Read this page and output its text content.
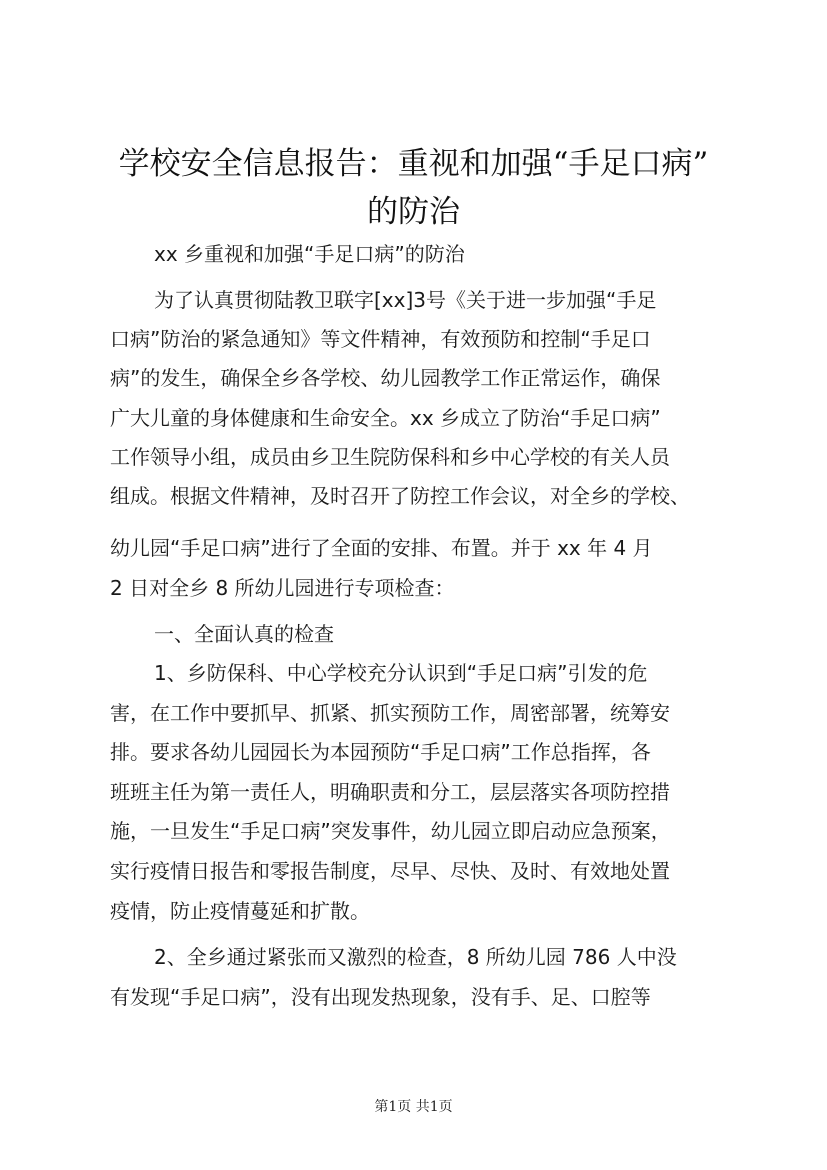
学校安全信息报告：重视和加强“手足口病”
的防治

xx 乡重视和加强“手足口病”的防治

为了认真贯彻陆教卫联字[xx]3号《关于进一步加强“手足

口病”防治的紧急通知》等文件精神，有效预防和控制“手足口

病”的发生，确保全乡各学校、幼儿园教学工作正常运作，确保

广大儿童的身体健康和生命安全。xx 乡成立了防治“手足口病”

工作领导小组，成员由乡卫生院防保科和乡中心学校的有关人员

组成。根据文件精神，及时召开了防控工作会议，对全乡的学校、

幼儿园“手足口病”进行了全面的安排、布置。并于 xx 年 4 月

2 日对全乡 8 所幼儿园进行专项检查：

一、全面认真的检查

1、乡防保科、中心学校充分认识到“手足口病”引发的危

害，在工作中要抓早、抓紧、抓实预防工作，周密部署，统筹安

排。要求各幼儿园园长为本园预防“手足口病”工作总指挥，各

班班主任为第一责任人，明确职责和分工，层层落实各项防控措

施，一旦发生“手足口病”突发事件，幼儿园立即启动应急预案，

实行疫情日报告和零报告制度，尽早、尽快、及时、有效地处置

疫情，防止疫情蔓延和扩散。

2、全乡通过紧张而又激烈的检查，8 所幼儿园 786 人中没

有发现“手足口病”，没有出现发热现象，没有手、足、口腔等

第1页 共1页
